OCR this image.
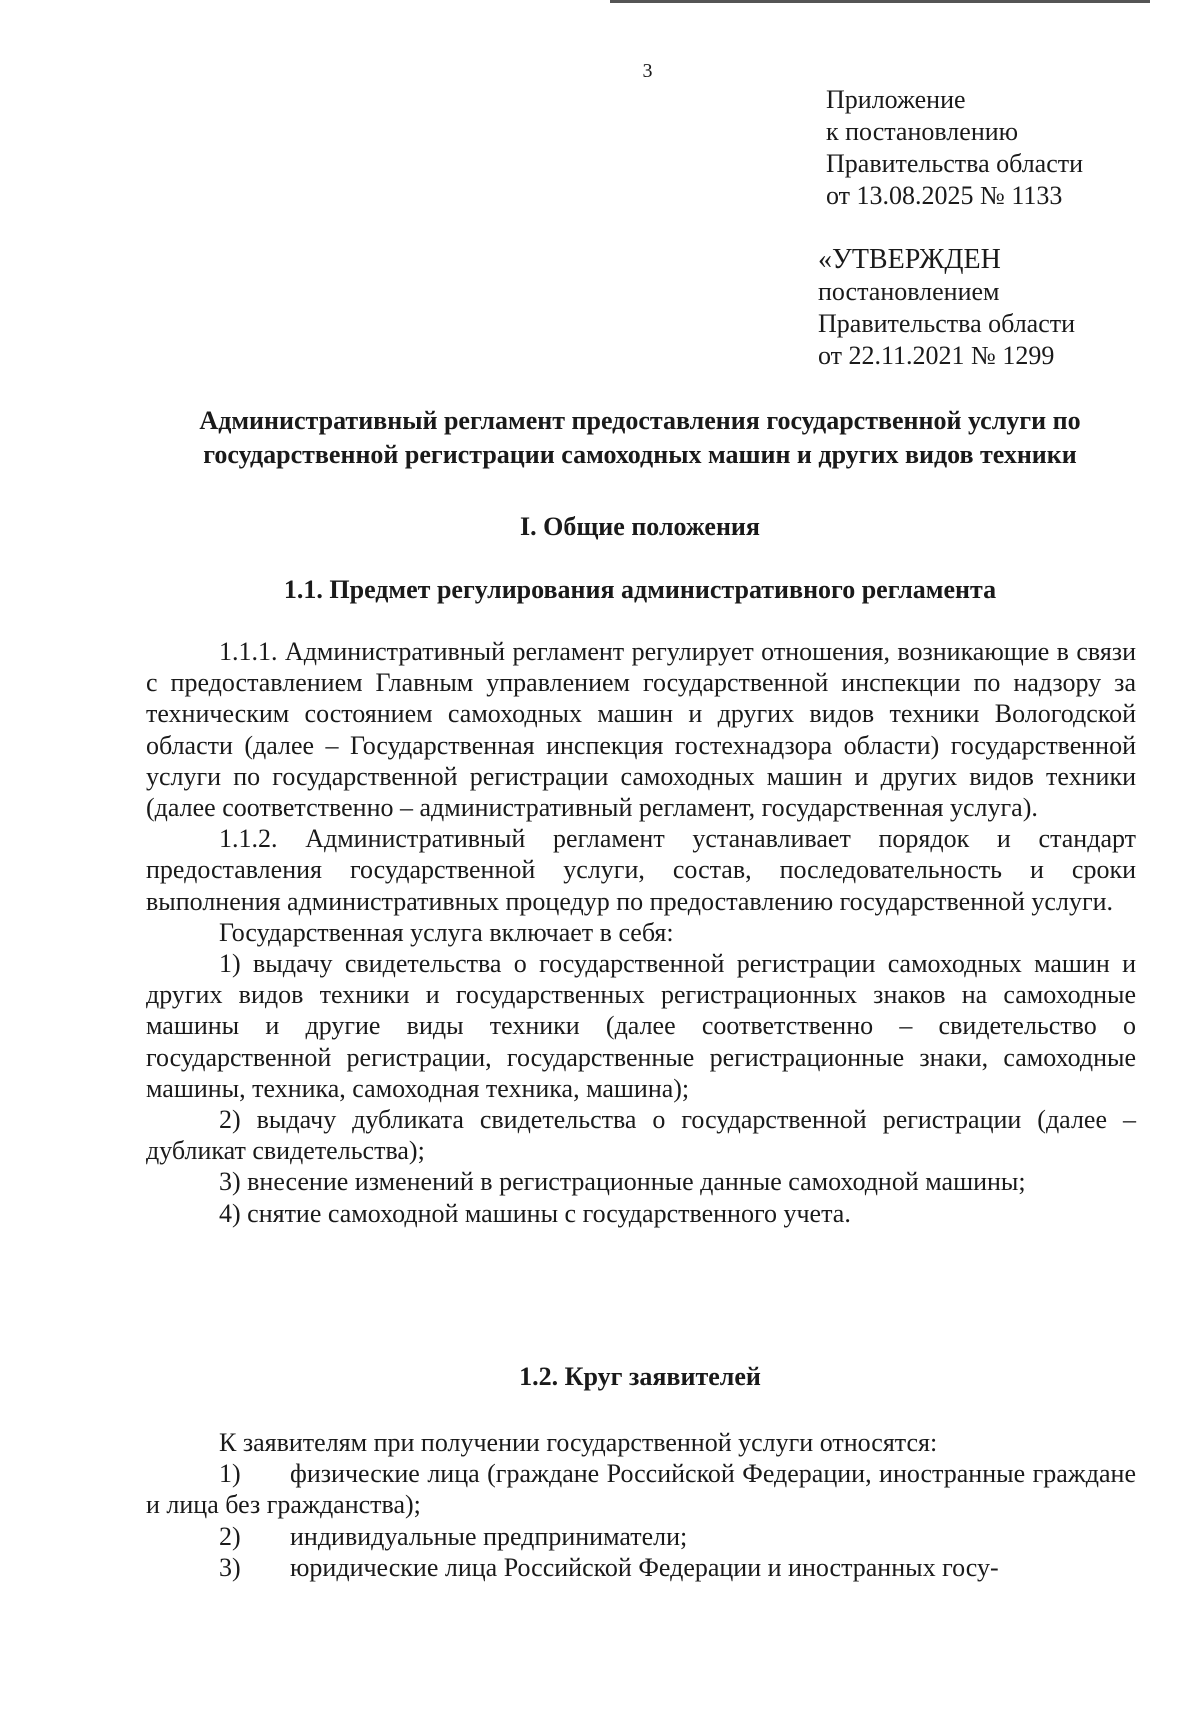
3
Приложение
к постановлению
Правительства области
от 13.08.2025 № 1133
«УТВЕРЖДЕН
постановлением
Правительства области
от 22.11.2021 № 1299
Административный регламент предоставления государственной услуги по
государственной регистрации самоходных машин и других видов техники
I. Общие положения
1.1. Предмет регулирования административного регламента

1.1.1. Административный регламент регулирует отношения, возникающие в связи с предоставлением Главным управлением государственной инспекции по надзору за техническим состоянием самоходных машин и других видов техники Вологодской области (далее – Государственная инспекция гостехнадзора области) государственной услуги по государственной регистрации самоходных машин и других видов техники (далее соответственно – административный регламент, государственная услуга).

1.1.2. Административный регламент устанавливает порядок и стандарт предоставления государственной услуги, состав, последовательность и сроки выполнения административных процедур по предоставлению государственной услуги.

Государственная услуга включает в себя:

1) выдачу свидетельства о государственной регистрации самоходных машин и других видов техники и государственных регистрационных знаков на самоходные машины и другие виды техники (далее соответственно – свидетельство о государственной регистрации, государственные регистрационные знаки, самоходные машины, техника, самоходная техника, машина);

2) выдачу дубликата свидетельства о государственной регистрации (далее – дубликат свидетельства);

3) внесение изменений в регистрационные данные самоходной машины;

4) снятие самоходной машины с государственного учета.

1.2. Круг заявителей

К заявителям при получении государственной услуги относятся:

1) физические лица (граждане Российской Федерации, иностранные граждане и лица без гражданства);

2) индивидуальные предприниматели;

3) юридические лица Российской Федерации и иностранных госу-
